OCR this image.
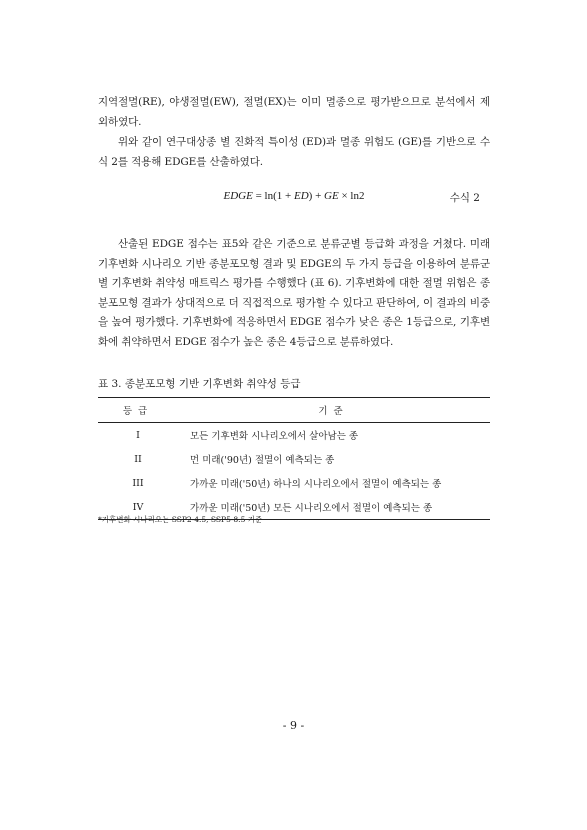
지역절멸(RE), 야생절멸(EW), 절멸(EX)는 이미 멸종으로 평가받으므로 분석에서 제외하였다.

위와 같이 연구대상종 별 진화적 특이성 (ED)과 멸종 위험도 (GE)를 기반으로 수식 2를 적용해 EDGE를 산출하였다.

EDGE = ln(1 + ED) + GE × ln2	수식 2

산출된 EDGE 점수는 표5와 같은 기준으로 분류군별 등급화 과정을 거쳤다. 미래 기후변화 시나리오 기반 종분포모형 결과 및 EDGE의 두 가지 등급을 이용하여 분류군별 기후변화 취약성 매트릭스 평가를 수행했다 (표 6). 기후변화에 대한 절멸 위험은 종분포모형 결과가 상대적으로 더 직접적으로 평가할 수 있다고 판단하여, 이 결과의 비중을 높여 평가했다. 기후변화에 적응하면서 EDGE 점수가 낮은 종은 1등급으로, 기후변화에 취약하면서 EDGE 점수가 높은 종은 4등급으로 분류하였다.

표 3. 종분포모형 기반 기후변화 취약성 등급

등급	기준
I	모든 기후변화 시나리오에서 살아남는 종
II	먼 미래('90년) 절멸이 예측되는 종
III	가까운 미래('50년) 하나의 시나리오에서 절멸이 예측되는 종
IV	가까운 미래('50년) 모든 시나리오에서 절멸이 예측되는 종

*기후변화 시나리오는 SSP2-4.5, SSP5-8.5 기준

- 9 -
